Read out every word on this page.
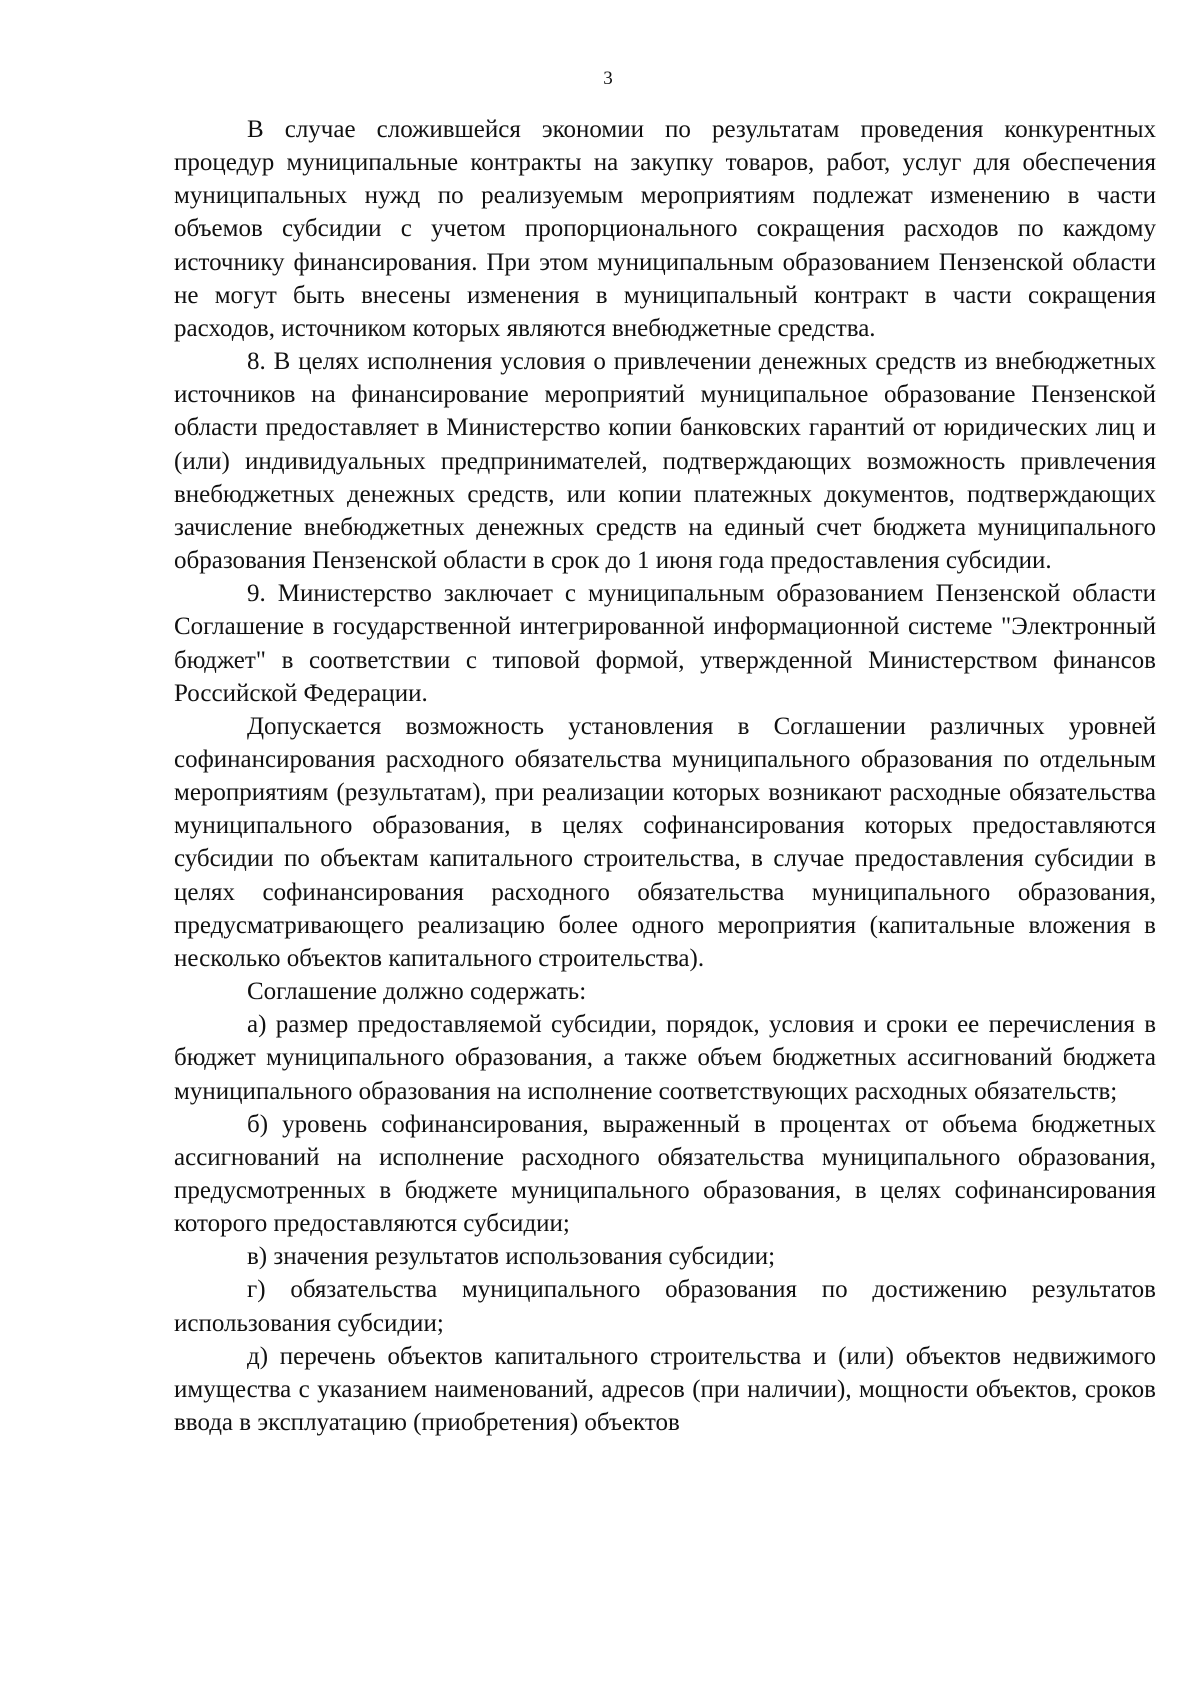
3

В случае сложившейся экономии по результатам проведения конкурентных процедур муниципальные контракты на закупку товаров, работ, услуг для обеспечения муниципальных нужд по реализуемым мероприятиям подлежат изменению в части объемов субсидии с учетом пропорционального сокращения расходов по каждому источнику финансирования. При этом муниципальным образованием Пензенской области не могут быть внесены изменения в муниципальный контракт в части сокращения расходов, источником которых являются внебюджетные средства.

8. В целях исполнения условия о привлечении денежных средств из внебюджетных источников на финансирование мероприятий муниципальное образование Пензенской области предоставляет в Министерство копии банковских гарантий от юридических лиц и (или) индивидуальных предпринимателей, подтверждающих возможность привлечения внебюджетных денежных средств, или копии платежных документов, подтверждающих зачисление внебюджетных денежных средств на единый счет бюджета муниципального образования Пензенской области в срок до 1 июня года предоставления субсидии.

9. Министерство заключает с муниципальным образованием Пензенской области Соглашение в государственной интегрированной информационной системе "Электронный бюджет" в соответствии с типовой формой, утвержденной Министерством финансов Российской Федерации.

Допускается возможность установления в Соглашении различных уровней софинансирования расходного обязательства муниципального образования по отдельным мероприятиям (результатам), при реализации которых возникают расходные обязательства муниципального образования, в целях софинансирования которых предоставляются субсидии по объектам капитального строительства, в случае предоставления субсидии в целях софинансирования расходного обязательства муниципального образования, предусматривающего реализацию более одного мероприятия (капитальные вложения в несколько объектов капитального строительства).

Соглашение должно содержать:

а) размер предоставляемой субсидии, порядок, условия и сроки ее перечисления в бюджет муниципального образования, а также объем бюджетных ассигнований бюджета муниципального образования на исполнение соответствующих расходных обязательств;

б) уровень софинансирования, выраженный в процентах от объема бюджетных ассигнований на исполнение расходного обязательства муниципального образования, предусмотренных в бюджете муниципального образования, в целях софинансирования которого предоставляются субсидии;

в) значения результатов использования субсидии;

г) обязательства муниципального образования по достижению результатов использования субсидии;

д) перечень объектов капитального строительства и (или) объектов недвижимого имущества с указанием наименований, адресов (при наличии), мощности объектов, сроков ввода в эксплуатацию (приобретения) объектов
